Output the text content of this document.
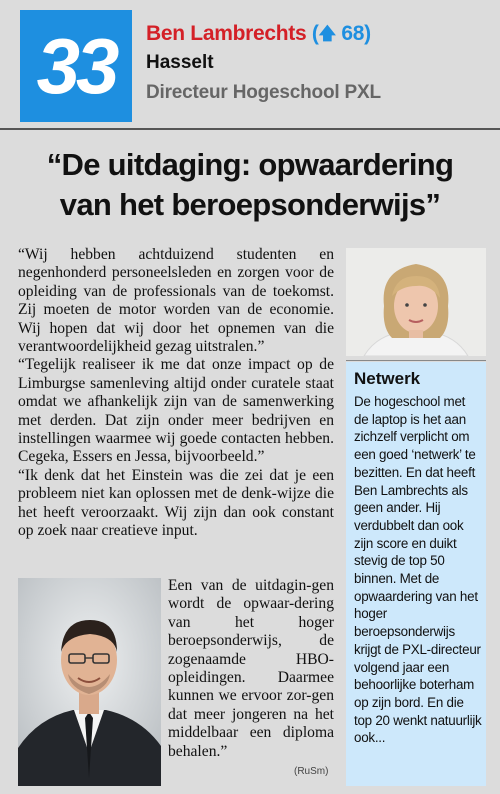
33	Ben Lambrechts (🡅 68)
Hasselt
Directeur Hogeschool PXL
“De uitdaging: opwaardering
van het beroepsonderwijs”

“Wij hebben achtduizend studenten en negenhonderd personeelsleden en zorgen voor de opleiding van de professionals van de toekomst. Zij moeten de motor worden van de economie. Wij hopen dat wij door het opnemen van die verantwoordelijkheid gezag uitstralen.”

“Tegelijk realiseer ik me dat onze impact op de Limburgse samenleving altijd onder curatele staat omdat we afhankelijk zijn van de samenwerking met derden. Dat zijn onder meer bedrijven en instellingen waarmee wij goede contacten hebben. Cegeka, Essers en Jessa, bijvoorbeeld.”

“Ik denk dat het Einstein was die zei dat je een probleem niet kan oplossen met de denk-wijze die het heeft veroorzaakt. Wij zijn dan ook constant op zoek naar creatieve input.

Een van de uitdagin-gen wordt de opwaar-dering van het hoger beroepsonderwijs, de zogenaamde HBO-opleidingen. Daarmee kunnen we ervoor zor-gen dat meer jongeren na het middelbaar een diploma behalen.”

(RuSm)
Netwerk

De hogeschool met de laptop is het aan zichzelf verplicht om een goed ‘netwerk’ te bezitten. En dat heeft Ben Lambrechts als geen ander. Hij verdubbelt dan ook zijn score en duikt stevig de top 50 binnen. Met de opwaardering van het hoger beroepsonderwijs krijgt de PXL-directeur volgend jaar een behoorlijke boterham op zijn bord. En die top 20 wenkt natuurlijk ook...
